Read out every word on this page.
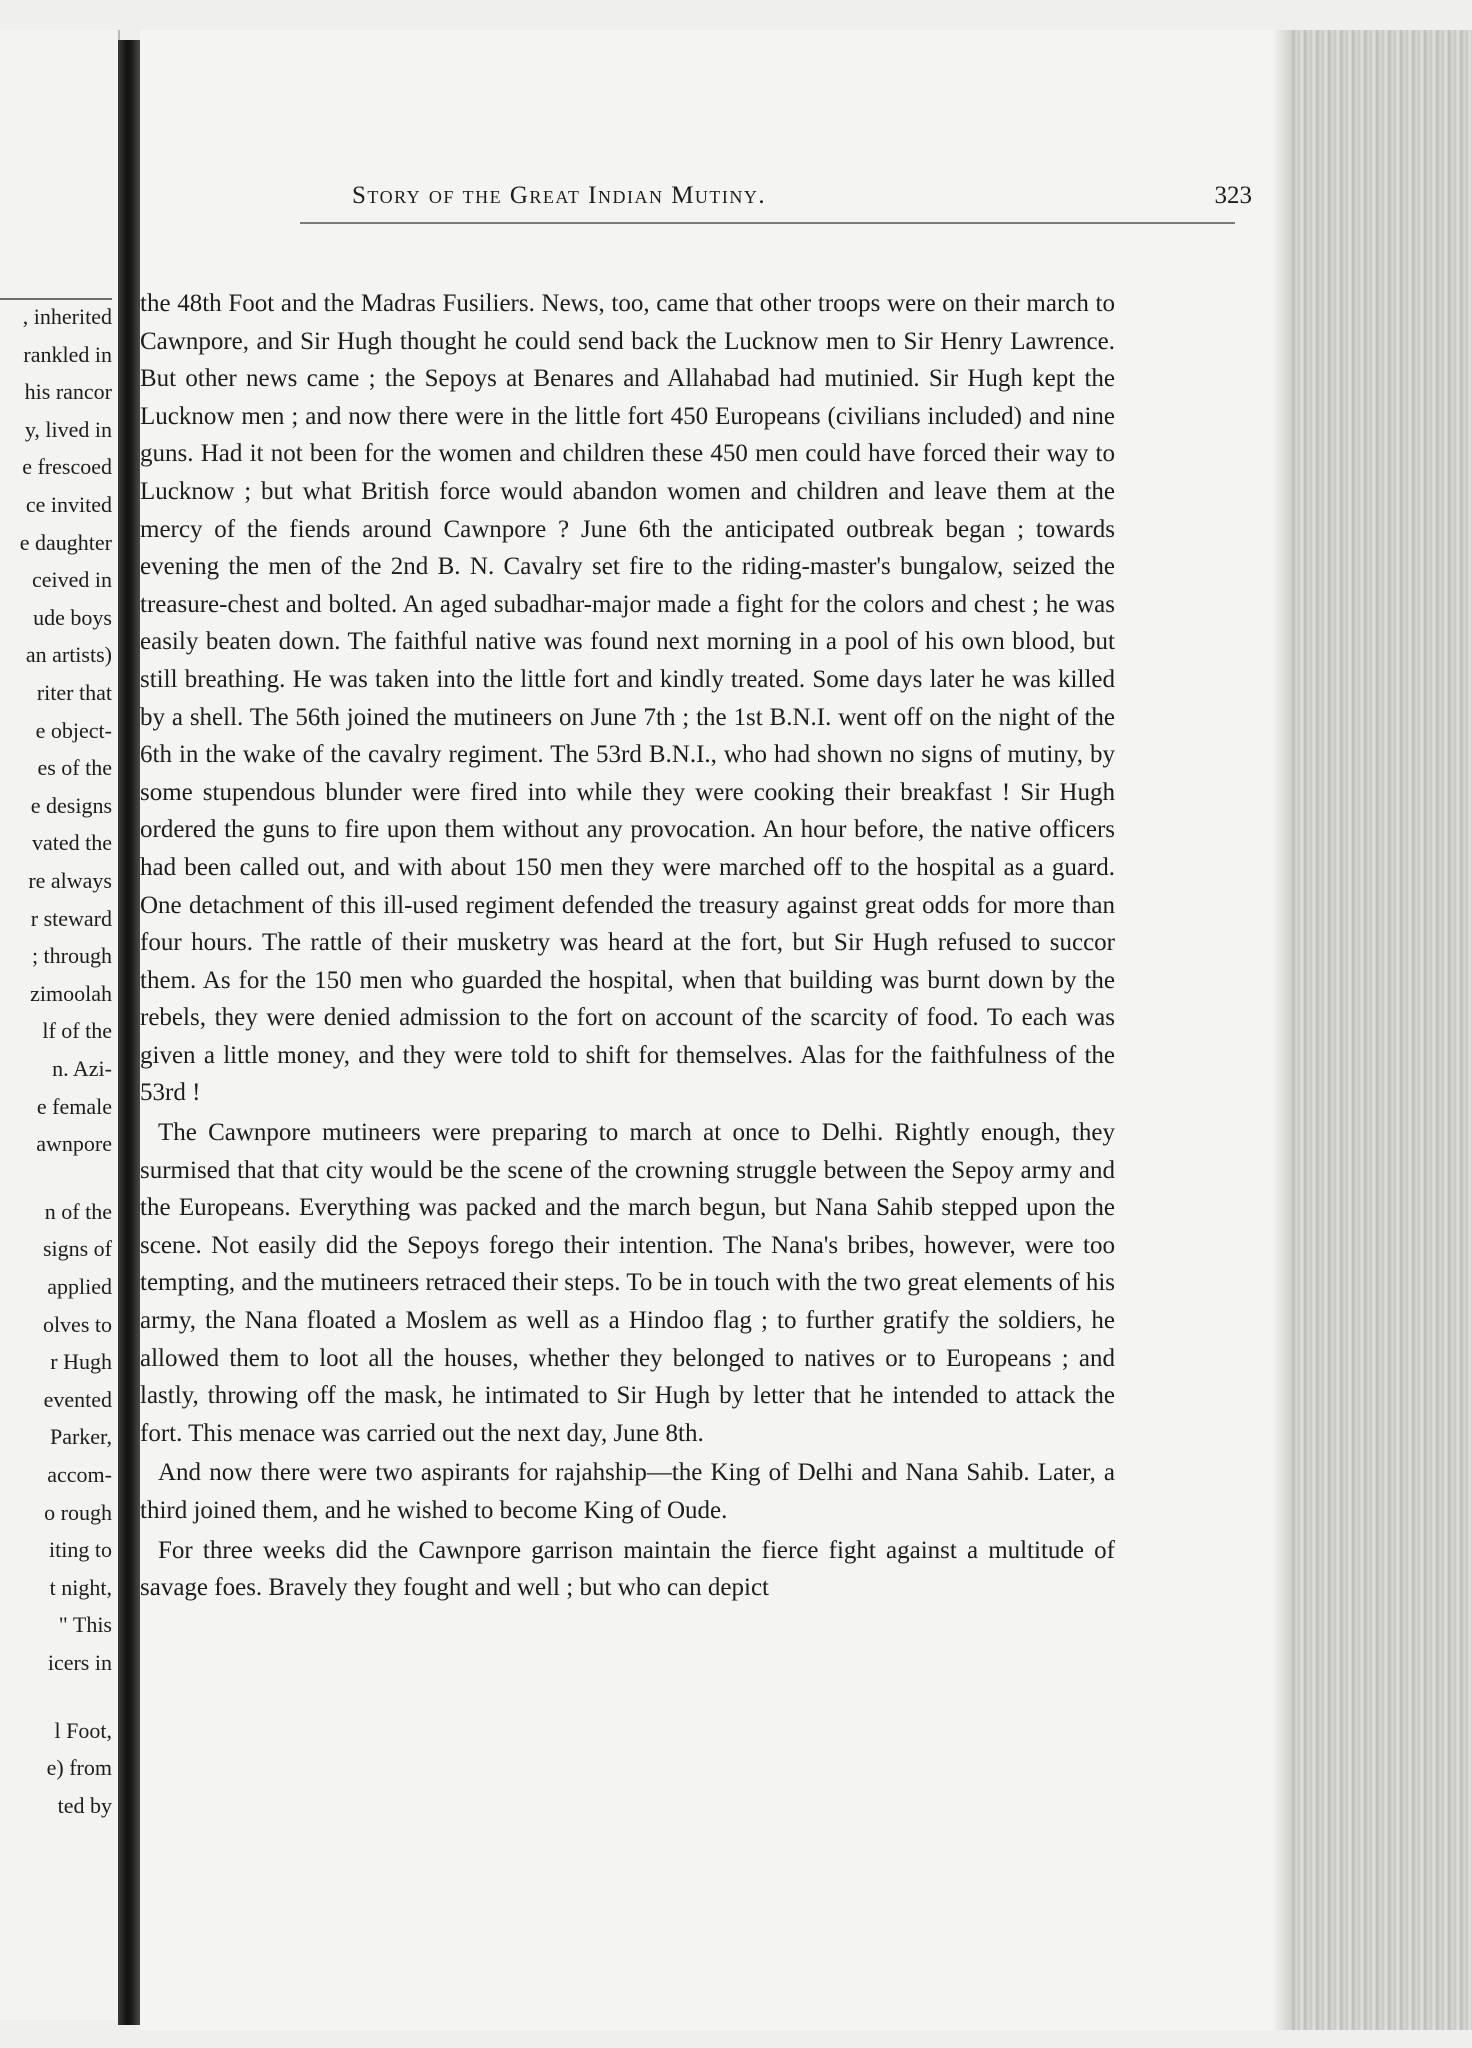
, inherited
rankled in
his rancor
y, lived in
e frescoed
ce invited
e daughter
ceived in
ude boys
an artists)
riter that
e object-
es of the
e designs
vated the
re always
r steward
; through
zimoolah
lf of the
n. Azi-
e female
awnpore
n of the
signs of
applied
olves to
r Hugh
evented
Parker,
accom-
o rough
iting to
t night,
" This
icers in
l Foot,
e) from
ted by
Story of the Great Indian Mutiny.	323

the 48th Foot and the Madras Fusiliers. News, too, came that other troops were on their march to Cawnpore, and Sir Hugh thought he could send back the Lucknow men to Sir Henry Lawrence. But other news came ; the Sepoys at Benares and Allahabad had mutinied. Sir Hugh kept the Lucknow men ; and now there were in the little fort 450 Europeans (civilians included) and nine guns. Had it not been for the women and children these 450 men could have forced their way to Lucknow ; but what British force would abandon women and children and leave them at the mercy of the fiends around Cawnpore ? June 6th the anticipated outbreak began ; towards evening the men of the 2nd B. N. Cavalry set fire to the riding-master's bungalow, seized the treasure-chest and bolted. An aged subadhar-major made a fight for the colors and chest ; he was easily beaten down. The faithful native was found next morning in a pool of his own blood, but still breathing. He was taken into the little fort and kindly treated. Some days later he was killed by a shell. The 56th joined the mutineers on June 7th ; the 1st B.N.I. went off on the night of the 6th in the wake of the cavalry regiment. The 53rd B.N.I., who had shown no signs of mutiny, by some stupendous blunder were fired into while they were cooking their breakfast ! Sir Hugh ordered the guns to fire upon them without any provocation. An hour before, the native officers had been called out, and with about 150 men they were marched off to the hospital as a guard. One detachment of this ill-used regiment defended the treasury against great odds for more than four hours. The rattle of their musketry was heard at the fort, but Sir Hugh refused to succor them. As for the 150 men who guarded the hospital, when that building was burnt down by the rebels, they were denied admission to the fort on account of the scarcity of food. To each was given a little money, and they were told to shift for themselves. Alas for the faithfulness of the 53rd !

The Cawnpore mutineers were preparing to march at once to Delhi. Rightly enough, they surmised that that city would be the scene of the crowning struggle between the Sepoy army and the Europeans. Everything was packed and the march begun, but Nana Sahib stepped upon the scene. Not easily did the Sepoys forego their intention. The Nana's bribes, however, were too tempting, and the mutineers retraced their steps. To be in touch with the two great elements of his army, the Nana floated a Moslem as well as a Hindoo flag ; to further gratify the soldiers, he allowed them to loot all the houses, whether they belonged to natives or to Europeans ; and lastly, throwing off the mask, he intimated to Sir Hugh by letter that he intended to attack the fort. This menace was carried out the next day, June 8th.

And now there were two aspirants for rajahship—the King of Delhi and Nana Sahib. Later, a third joined them, and he wished to become King of Oude.

For three weeks did the Cawnpore garrison maintain the fierce fight against a multitude of savage foes. Bravely they fought and well ; but who can depict
